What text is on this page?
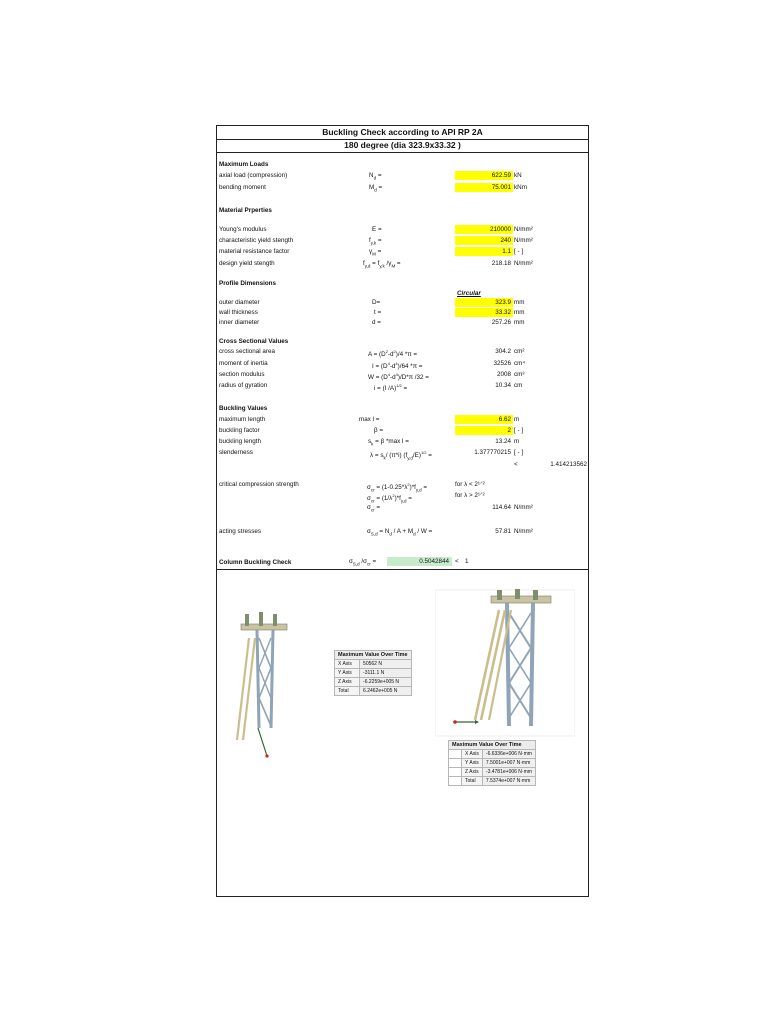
Buckling Check according to API RP 2A
180 degree (dia 323.9x33.32 )
Maximum Loads
axial load (compression)	$N_d$ =	622.59 kN
bending moment	$M_d$ =	75.001 kNm
Material Prperties
Young's modulus	E =	210000 N/mm²
characteristic yield stength	$f_{y,k}$ =	240 N/mm²
material resistance factor	$\gamma_M$ =	1.1 [ - ]
design yield stength	$f_{y,d} = f_{y,k}$ $/\gamma_M$ =	218.18 N/mm²
Profile Dimensions
Circular
outer diameter	D=	323.9 mm
wall thickness	t =	33.32 mm
inner diameter	d =	257.26 mm
Cross Sectional Values
cross sectional area	$A = (D^2-d^2)/4$ *π =	304.2 cm²
moment of inertia	$I = (D^4-d^4)/64$ *π =	32526 cm⁴
section modulus	$W = (D^4-d^4)/D*\pi$ /32 =	2008 cm³
radius of gyration	i = (I /A)$^{1/2}$ =	10.34 cm
Buckling Values
maximum length	max l =	6.62 m
buckling factor	β =	2 [ - ]
buckling length	$s_k = \beta$ *max l =	13.24 m
slenderness	$\lambda = s_k/$ (π*i) $(f_{y,d}/E)^{1/2}$ =	1.377770215 [ - ]
<	1.414213562
critical compression strength	$\sigma_{cr} = (1-0.25*\lambda^2)*f_{y,d}$ =	for λ < 2¹ᐟ²
$\sigma_{cr} = (1/\lambda^2)*f_{y,d}$ =	for λ > 2¹ᐟ²
$\sigma_{cr}$ =	114.64 N/mm²
acting stresses	$\sigma_{S,d} = N_d / A + M_d / W$ =	57.81 N/mm²
Column Buckling Check	$\sigma_{S,d}$ $/\sigma_{cr}$ =	0.5042844 < 1
Maximum Value Over Time	
X Axis	50562 N
Y Axis	-3111.1 N
Z Axis	-6.2259e+005 N
Total	6.2462e+005 N
Maximum Value Over Time		
	X Axis	-6.6336e+006 N·mm
	Y Axis	7.5001e+007 N·mm
	Z Axis	-3.4781e+006 N·mm
	Total	7.5374e+007 N·mm
